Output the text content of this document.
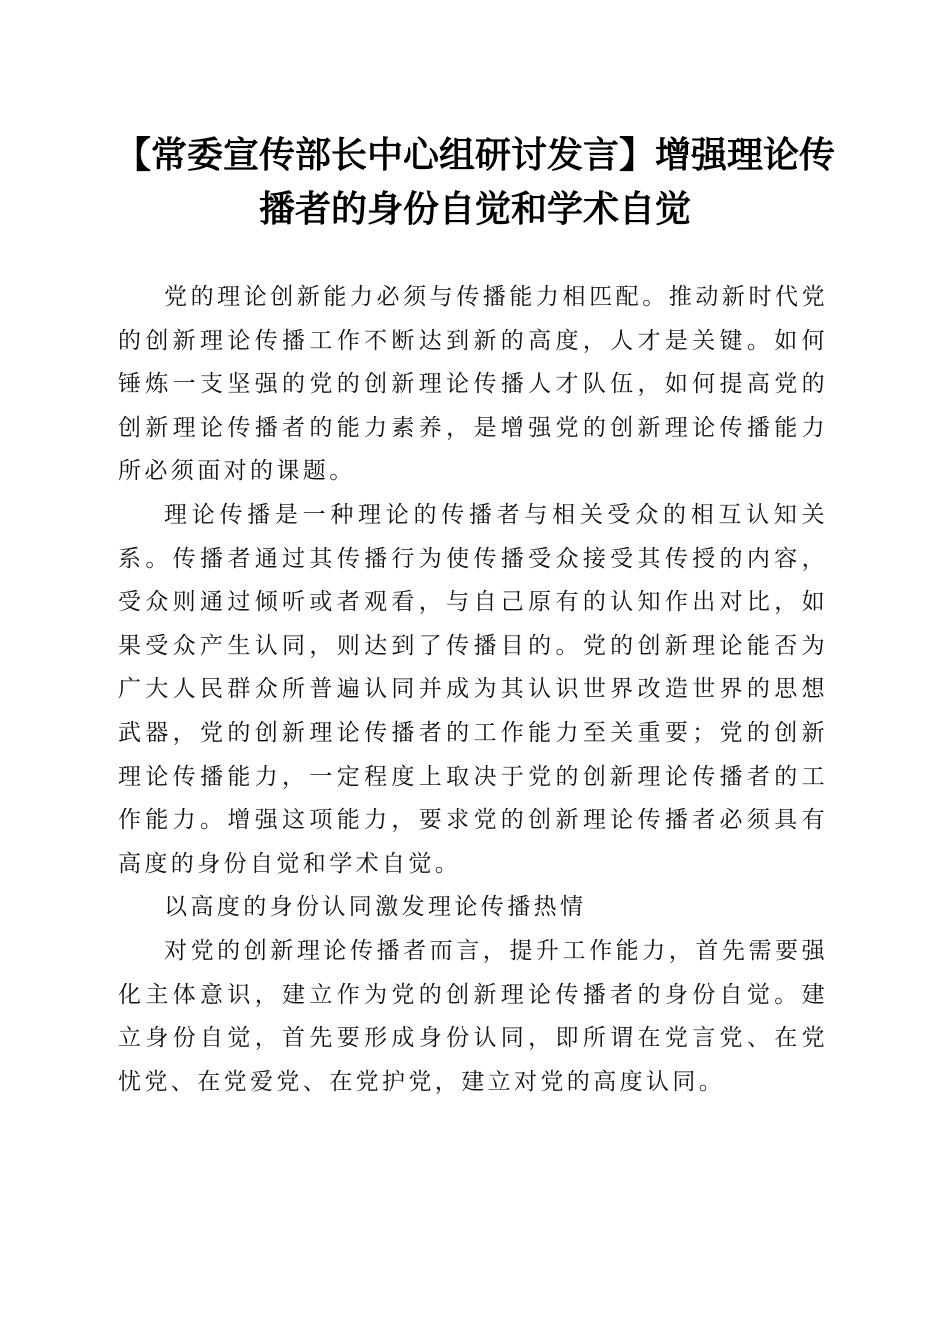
【常委宣传部长中心组研讨发言】增强理论传
播者的身份自觉和学术自觉

党的理论创新能力必须与传播能力相匹配。推动新时代党的创新理论传播工作不断达到新的高度，人才是关键。如何锤炼一支坚强的党的创新理论传播人才队伍，如何提高党的创新理论传播者的能力素养，是增强党的创新理论传播能力所必须面对的课题。

理论传播是一种理论的传播者与相关受众的相互认知关系。传播者通过其传播行为使传播受众接受其传授的内容，受众则通过倾听或者观看，与自己原有的认知作出对比，如果受众产生认同，则达到了传播目的。党的创新理论能否为广大人民群众所普遍认同并成为其认识世界改造世界的思想武器，党的创新理论传播者的工作能力至关重要；党的创新理论传播能力，一定程度上取决于党的创新理论传播者的工作能力。增强这项能力，要求党的创新理论传播者必须具有高度的身份自觉和学术自觉。

以高度的身份认同激发理论传播热情

对党的创新理论传播者而言，提升工作能力，首先需要强化主体意识，建立作为党的创新理论传播者的身份自觉。建立身份自觉，首先要形成身份认同，即所谓在党言党、在党忧党、在党爱党、在党护党，建立对党的高度认同。
